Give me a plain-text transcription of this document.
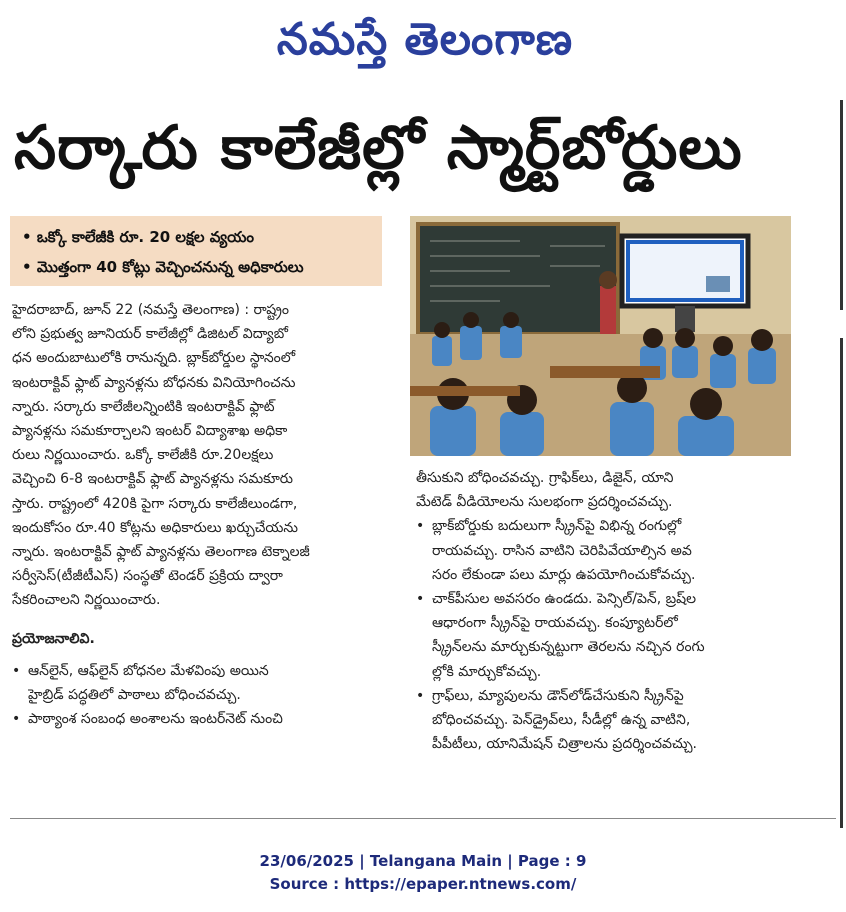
నమస్తే తెలంగాణ
సర్కారు కాలేజీల్లో స్మార్ట్‌బోర్డులు
• ఒక్కో కాలేజీకి రూ. 20 లక్షల వ్యయం
• మొత్తంగా 40 కోట్లు వెచ్చించనున్న అధికారులు
హైదరాబాద్, జూన్ 22 (నమస్తే తెలంగాణ) : రాష్ట్రం
లోని ప్రభుత్వ జూనియర్ కాలేజీల్లో డిజిటల్ విద్యాబో
ధన అందుబాటులోకి రానున్నది. బ్లాక్‌బోర్డుల స్థానంలో
ఇంటరాక్టివ్ ఫ్లాట్ ప్యానళ్లను బోధనకు వినియోగించను
న్నారు. సర్కారు కాలేజీలన్నింటికి ఇంటరాక్టివ్ ఫ్లాట్
ప్యానళ్లను సమకూర్చాలని ఇంటర్ విద్యాశాఖ అధికా
రులు నిర్ణయించారు. ఒక్కో కాలేజీకి రూ.20లక్షలు
వెచ్చించి 6-8 ఇంటరాక్టివ్ ఫ్లాట్ ప్యానళ్లను సమకూరు
స్తారు. రాష్ట్రంలో 420కి పైగా సర్కారు కాలేజీలుండగా,
ఇందుకోసం రూ.40 కోట్లను అధికారులు ఖర్చుచేయను
న్నారు. ఇంటరాక్టివ్ ఫ్లాట్ ప్యానళ్లను తెలంగాణ టెక్నాలజీ
సర్వీసెస్(టీజీటీఎస్) సంస్థతో టెండర్ ప్రక్రియ ద్వారా
సేకరించాలని నిర్ణయించారు.
ప్రయోజనాలివి.
• ఆన్‌లైన్, ఆఫ్‌లైన్ బోధనల మేళవింపు అయిన
హైబ్రిడ్ పద్ధతిలో పాఠాలు బోధించవచ్చు.
• పాఠ్యాంశ సంబంధ అంశాలను ఇంటర్‌నెట్ నుంచి
తీసుకుని బోధించవచ్చు. గ్రాఫిక్‌లు, డిజైన్, యాని
మేటెడ్ వీడియోలను సులభంగా ప్రదర్శించవచ్చు.
• బ్లాక్‌బోర్డుకు బదులుగా స్క్రీన్‌పై విభిన్న రంగుల్లో
రాయవచ్చు. రాసిన వాటిని చెరిపివేయాల్సిన అవ
సరం లేకుండా పలు మార్లు ఉపయోగించుకోవచ్చు.
• చాక్‌పీసుల అవసరం ఉండదు. పెన్సిల్/పెన్, బ్రష్‌ల
ఆధారంగా స్క్రీన్‌పై రాయవచ్చు. కంప్యూటర్‌లో
స్క్రీన్‌లను మార్చుకున్నట్టుగా తెరలను నచ్చిన రంగు
ల్లోకి మార్చుకోవచ్చు.
• గ్రాఫ్‌లు, మ్యాపులను డౌన్‌లోడ్‌చేసుకుని స్క్రీన్‌పై
బోధించవచ్చు. పెన్‌డ్రైవ్‌లు, సీడీల్లో ఉన్న వాటిని,
పీపీటీలు, యానిమేషన్ చిత్రాలను ప్రదర్శించవచ్చు.
23/06/2025 | Telangana Main | Page : 9
Source : https://epaper.ntnews.com/
